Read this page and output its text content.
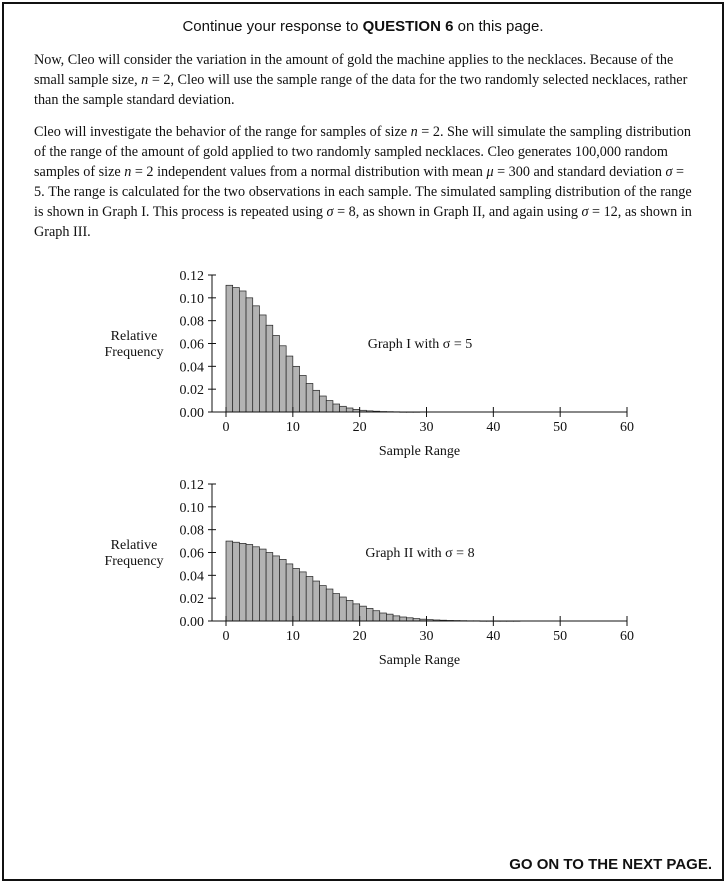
Continue your response to QUESTION 6 on this page.
Now, Cleo will consider the variation in the amount of gold the machine applies to the necklaces. Because of the small sample size, n = 2, Cleo will use the sample range of the data for the two randomly selected necklaces, rather than the sample standard deviation.
Cleo will investigate the behavior of the range for samples of size n = 2. She will simulate the sampling distribution of the range of the amount of gold applied to two randomly sampled necklaces. Cleo generates 100,000 random samples of size n = 2 independent values from a normal distribution with mean μ = 300 and standard deviation σ = 5. The range is calculated for the two observations in each sample. The simulated sampling distribution of the range is shown in Graph I. This process is repeated using σ = 8, as shown in Graph II, and again using σ = 12, as shown in Graph III.
0.00
0.02
0.04
0.06
0.08
0.10
0.12
0	10	20	30	40	50	60
Sample Range
Relative Frequency
Graph I with σ = 5
0.00
0.02
0.04
0.06
0.08
0.10
0.12
0	10	20	30	40	50	60
Sample Range
Relative Frequency
Graph II with σ = 8
GO ON TO THE NEXT PAGE.
